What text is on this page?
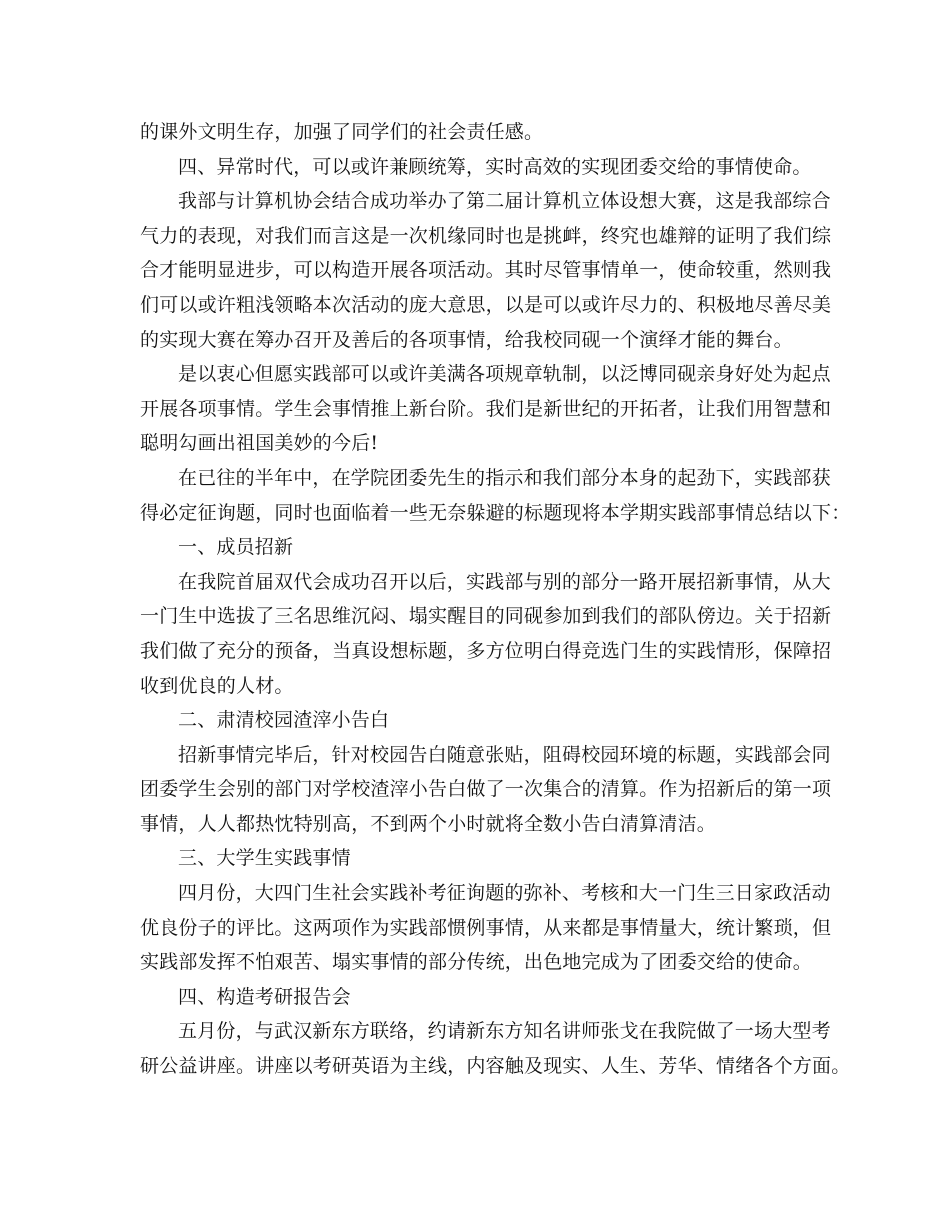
的课外文明生存，加强了同学们的社会责任感。
四、异常时代，可以或许兼顾统筹，实时高效的实现团委交给的事情使命。
我部与计算机协会结合成功举办了第二届计算机立体设想大赛，这是我部综合
气力的表现，对我们而言这是一次机缘同时也是挑衅，终究也雄辩的证明了我们综
合才能明显进步，可以构造开展各项活动。其时尽管事情单一，使命较重，然则我
们可以或许粗浅领略本次活动的庞大意思，以是可以或许尽力的、积极地尽善尽美
的实现大赛在筹办召开及善后的各项事情，给我校同砚一个演绎才能的舞台。
是以衷心但愿实践部可以或许美满各项规章轨制，以泛博同砚亲身好处为起点
开展各项事情。学生会事情推上新台阶。我们是新世纪的开拓者，让我们用智慧和
聪明勾画出祖国美妙的今后!
在已往的半年中，在学院团委先生的指示和我们部分本身的起劲下，实践部获
得必定征询题，同时也面临着一些无奈躲避的标题现将本学期实践部事情总结以下：
一、成员招新
在我院首届双代会成功召开以后，实践部与别的部分一路开展招新事情，从大
一门生中选拔了三名思维沉闷、塌实醒目的同砚参加到我们的部队傍边。关于招新
我们做了充分的预备，当真设想标题，多方位明白得竞选门生的实践情形，保障招
收到优良的人材。
二、肃清校园渣滓小告白
招新事情完毕后，针对校园告白随意张贴，阻碍校园环境的标题，实践部会同
团委学生会别的部门对学校渣滓小告白做了一次集合的清算。作为招新后的第一项
事情，人人都热忱特别高，不到两个小时就将全数小告白清算清洁。
三、大学生实践事情
四月份，大四门生社会实践补考征询题的弥补、考核和大一门生三日家政活动
优良份子的评比。这两项作为实践部惯例事情，从来都是事情量大，统计繁琐，但
实践部发挥不怕艰苦、塌实事情的部分传统，出色地完成为了团委交给的使命。
四、构造考研报告会
五月份，与武汉新东方联络，约请新东方知名讲师张戈在我院做了一场大型考
研公益讲座。讲座以考研英语为主线，内容触及现实、人生、芳华、情绪各个方面。
